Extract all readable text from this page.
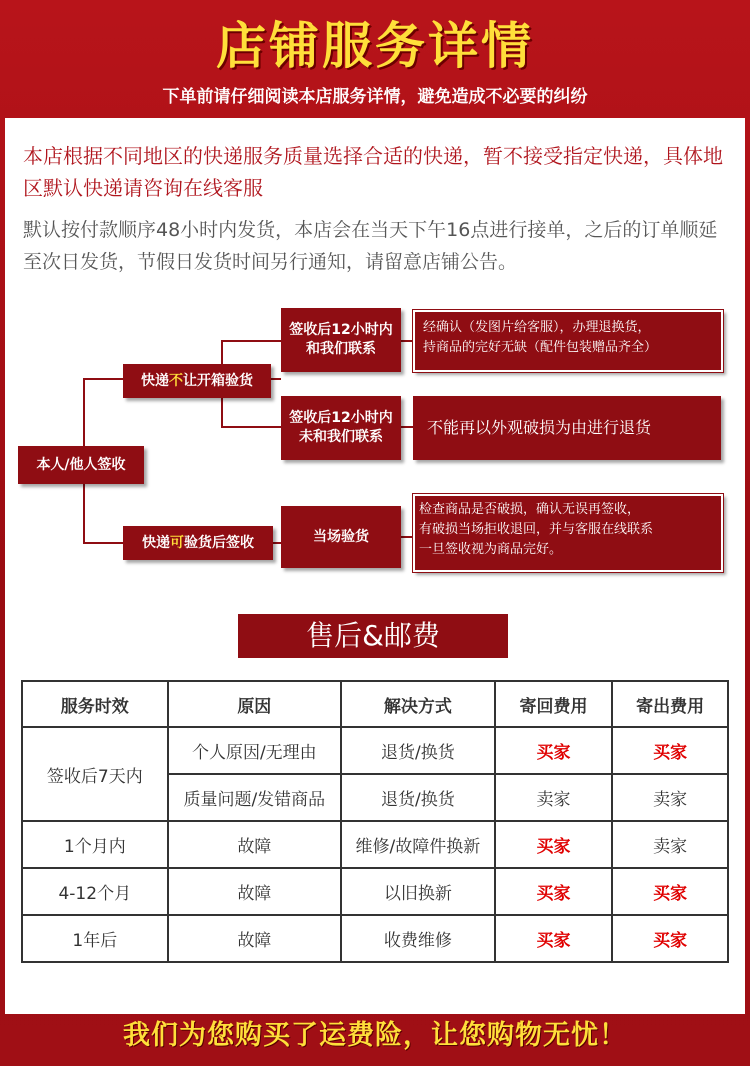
店铺服务详情
下单前请仔细阅读本店服务详情，避免造成不必要的纠纷
本店根据不同地区的快递服务质量选择合适的快递，暂不接受指定快递，具体地区默认快递请咨询在线客服
默认按付款顺序48小时内发货，本店会在当天下午16点进行接单，之后的订单顺延至次日发货，节假日发货时间另行通知，请留意店铺公告。
本人/他人签收
快递 不 让开箱验货
快递 可 验货后签收
签收后12小时内
和我们联系
经确认（发图片给客服），办理退换货，
持商品的完好无缺（配件包装赠品齐全）
签收后12小时内
未和我们联系	不能再以外观破损为由进行退货
当场验货
检查商品是否破损，确认无误再签收，
有破损当场拒收退回，并与客服在线联系
一旦签收视为商品完好。
售后&邮费
服务时效	原因	解决方式	寄回费用	寄出费用
签收后7天内	个人原因/无理由	退货/换货	买家	买家
	质量问题/发错商品	退货/换货	卖家	卖家
1个月内	故障	维修/故障件换新	买家	卖家
4-12个月	故障	以旧换新	买家	买家
1年后	故障	收费维修	买家	买家
我们为您购买了运费险，让您购物无忧！
